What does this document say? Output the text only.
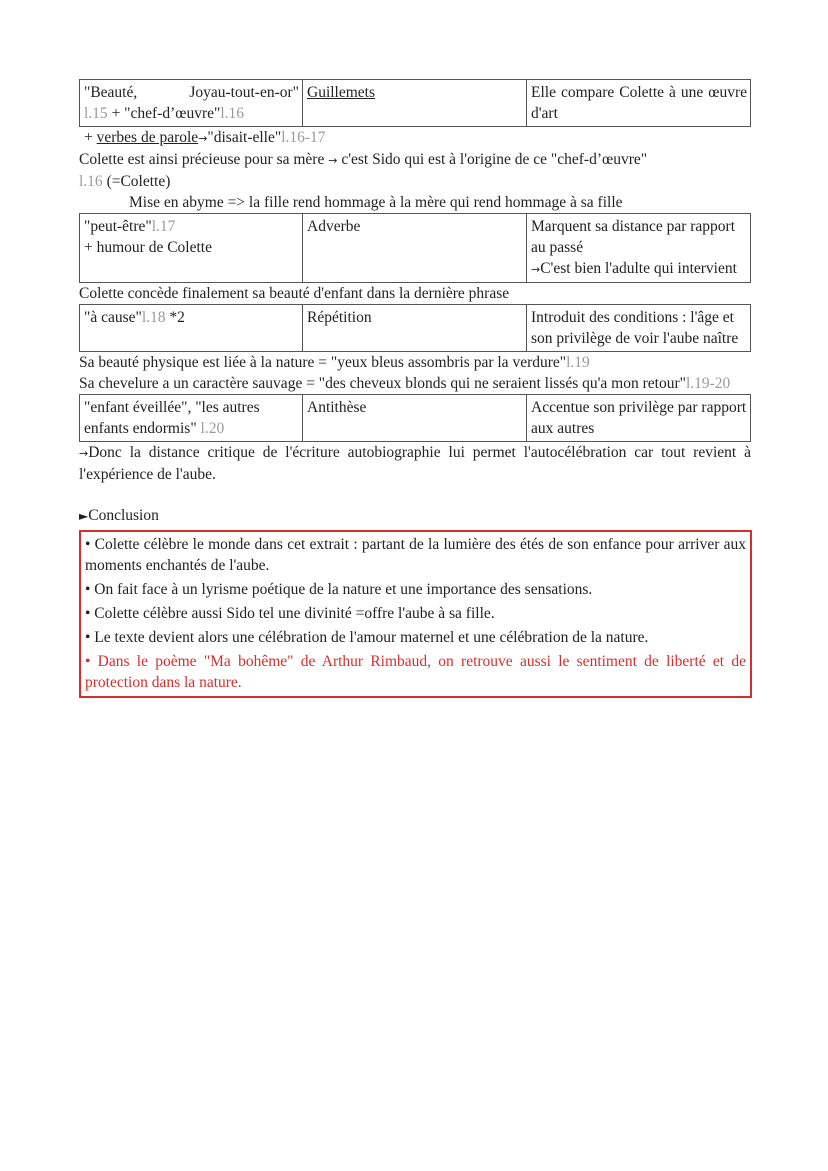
"Beauté, Joyau-tout-en-or"
l.15 + "chef-d’œuvre"l.16
	Guillemets	Elle compare Colette à une œuvre d'art
+ verbes de parole→"disait-elle"l.16-17
Colette est ainsi précieuse pour sa mère → c'est Sido qui est à l'origine de ce "chef-d’œuvre"
l.16 (=Colette)
Mise en abyme => la fille rend hommage à la mère qui rend hommage à sa fille
"peut-être"l.17
+ humour de Colette	Adverbe	Marquent sa distance par rapport au passé
→C'est bien l'adulte qui intervient
Colette concède finalement sa beauté d'enfant dans la dernière phrase
"à cause"l.18 *2	Répétition	Introduit des conditions : l'âge et son privilège de voir l'aube naître
Sa beauté physique est liée à la nature = "yeux bleus assombris par la verdure"l.19
Sa chevelure a un caractère sauvage = "des cheveux blonds qui ne seraient lissés qu'a mon retour"l.19-20
"enfant éveillée", "les autres enfants endormis" l.20	Antithèse	Accentue son privilège par rapport aux autres
→Donc la distance critique de l'écriture autobiographie lui permet l'autocélébration car tout revient à l'expérience de l'aube.
►Conclusion

• Colette célèbre le monde dans cet extrait : partant de la lumière des étés de son enfance pour arriver aux moments enchantés de l'aube.

• On fait face à un lyrisme poétique de la nature et une importance des sensations.

• Colette célèbre aussi Sido tel une divinité =offre l'aube à sa fille.

• Le texte devient alors une célébration de l'amour maternel et une célébration de la nature.

• Dans le poème "Ma bohême" de Arthur Rimbaud, on retrouve aussi le sentiment de liberté et de protection dans la nature.
